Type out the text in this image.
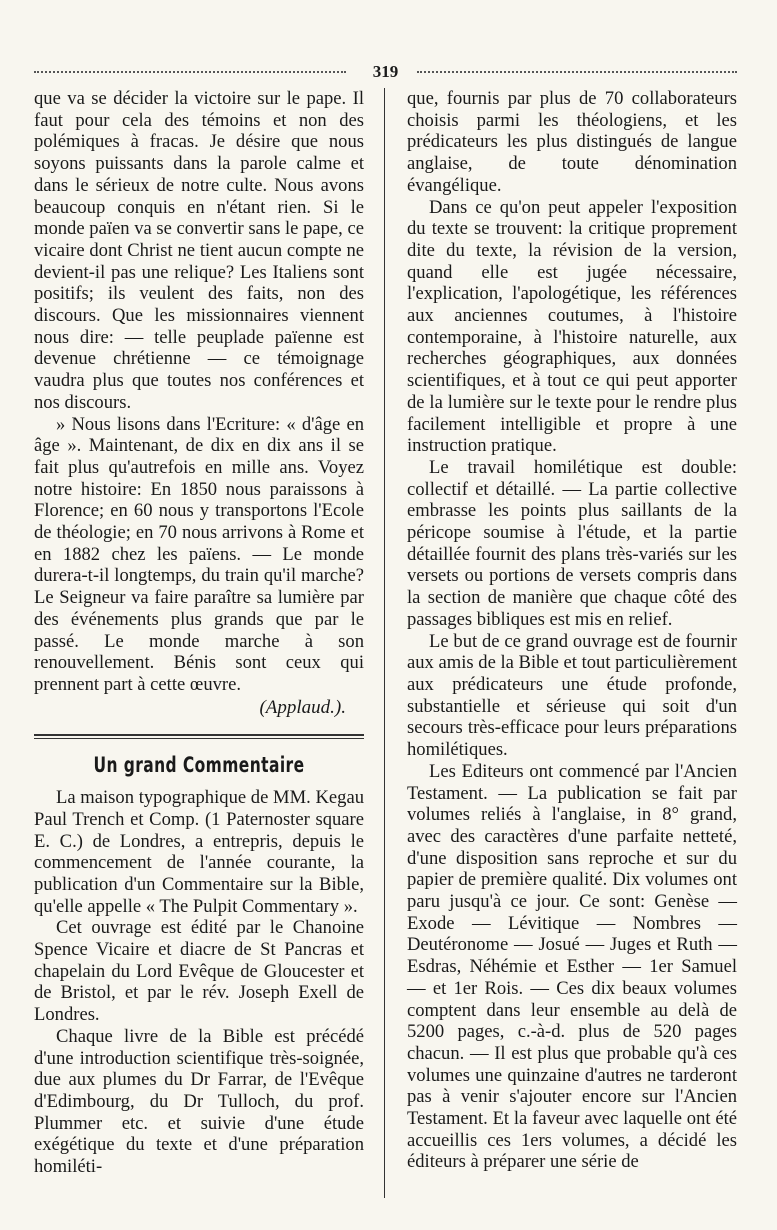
319

que va se décider la victoire sur le pape. Il faut pour cela des témoins et non des polémiques à fracas. Je désire que nous soyons puissants dans la parole calme et dans le sérieux de notre culte. Nous avons beaucoup conquis en n'étant rien. Si le monde païen va se convertir sans le pape, ce vicaire dont Christ ne tient aucun compte ne devient-il pas une relique? Les Italiens sont positifs; ils veulent des faits, non des discours. Que les missionnaires viennent nous dire: — telle peuplade païenne est devenue chrétienne — ce témoignage vaudra plus que toutes nos conférences et nos discours.

» Nous lisons dans l'Ecriture: « d'âge en âge ». Maintenant, de dix en dix ans il se fait plus qu'autrefois en mille ans. Voyez notre histoire: En 1850 nous paraissons à Florence; en 60 nous y transportons l'Ecole de théologie; en 70 nous arrivons à Rome et en 1882 chez les païens. — Le monde durera-t-il longtemps, du train qu'il marche? Le Seigneur va faire paraître sa lumière par des événements plus grands que par le passé. Le monde marche à son renouvellement. Bénis sont ceux qui prennent part à cette œuvre.

(Applaud.).

Un grand Commentaire

La maison typographique de MM. Kegau Paul Trench et Comp. (1 Paternoster square E. C.) de Londres, a entrepris, depuis le commencement de l'année courante, la publication d'un Commentaire sur la Bible, qu'elle appelle « The Pulpit Commentary ».

Cet ouvrage est édité par le Chanoine Spence Vicaire et diacre de St Pancras et chapelain du Lord Evêque de Gloucester et de Bristol, et par le rév. Joseph Exell de Londres.

Chaque livre de la Bible est précédé d'une introduction scientifique très-soignée, due aux plumes du Dr Farrar, de l'Evêque d'Edimbourg, du Dr Tulloch, du prof. Plummer etc. et suivie d'une étude exégétique du texte et d'une préparation homiléti-

que, fournis par plus de 70 collaborateurs choisis parmi les théologiens, et les prédicateurs les plus distingués de langue anglaise, de toute dénomination évangélique.

Dans ce qu'on peut appeler l'exposition du texte se trouvent: la critique proprement dite du texte, la révision de la version, quand elle est jugée nécessaire, l'explication, l'apologétique, les références aux anciennes coutumes, à l'histoire contemporaine, à l'histoire naturelle, aux recherches géographiques, aux données scientifiques, et à tout ce qui peut apporter de la lumière sur le texte pour le rendre plus facilement intelligible et propre à une instruction pratique.

Le travail homilétique est double: collectif et détaillé. — La partie collective embrasse les points plus saillants de la péricope soumise à l'étude, et la partie détaillée fournit des plans très-variés sur les versets ou portions de versets compris dans la section de manière que chaque côté des passages bibliques est mis en relief.

Le but de ce grand ouvrage est de fournir aux amis de la Bible et tout particulièrement aux prédicateurs une étude profonde, substantielle et sérieuse qui soit d'un secours très-efficace pour leurs préparations homilétiques.

Les Editeurs ont commencé par l'Ancien Testament. — La publication se fait par volumes reliés à l'anglaise, in 8° grand, avec des caractères d'une parfaite netteté, d'une disposition sans reproche et sur du papier de première qualité. Dix volumes ont paru jusqu'à ce jour. Ce sont: Genèse — Exode — Lévitique — Nombres — Deutéronome — Josué — Juges et Ruth — Esdras, Néhémie et Esther — 1er Samuel — et 1er Rois. — Ces dix beaux volumes comptent dans leur ensemble au delà de 5200 pages, c.-à-d. plus de 520 pages chacun. — Il est plus que probable qu'à ces volumes une quinzaine d'autres ne tarderont pas à venir s'ajouter encore sur l'Ancien Testament. Et la faveur avec laquelle ont été accueillis ces 1ers volumes, a décidé les éditeurs à préparer une série de
